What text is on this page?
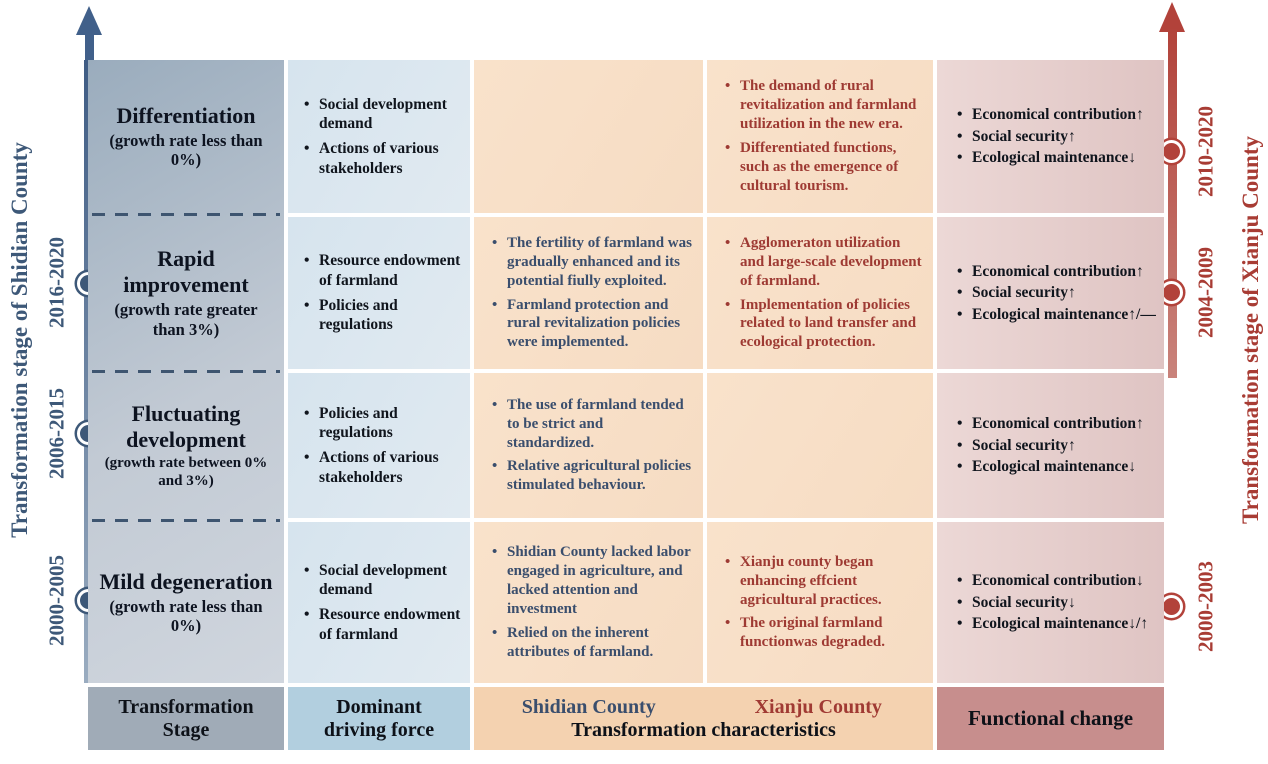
Transformation stage of Shidian County 2016-2020
2006-2015
2000-2005
Transformation stage of Xianju County
2010-2020
2004-2009
2000-2003
Differentiation
(growth rate less than 0%)
Rapid improvement
(growth rate greater than 3%)
Fluctuating development
(growth rate between 0% and 3%)
Mild degeneration
(growth rate less than 0%)
• Social development demand
• Actions of various stakeholders
• Resource endowment of farmland
• Policies and regulations
• Policies and regulations
• Actions of various stakeholders
• Social development demand
• Resource endowment of farmland
• The fertility of farmland was gradually enhanced and its potential fiully exploited.
• Farmland protection and rural revitalization policies were implemented.
• The use of farmland tended to be strict and standardized.
• Relative agricultural policies stimulated behaviour.
• Shidian County lacked labor engaged in agriculture, and lacked attention and investment
• Relied on the inherent attributes of farmland.
• The demand of rural revitalization and farmland utilization in the new era.
• Differentiated functions, such as the emergence of cultural tourism.
• Agglomeraton utilization and large-scale development of farmland.
• Implementation of policies related to land transfer and ecological protection.
• Xianju county began enhancing effcient agricultural practices.
• The original farmland functionwas degraded.
• Economical contribution↑
• Social security↑
• Ecological maintenance↓
• Economical contribution↑
• Social security↑
• Ecological maintenance↑/—
• Economical contribution↑
• Social security↑
• Ecological maintenance↓
• Economical contribution↓
• Social security↓
• Ecological maintenance↓/↑
Transformation
Stage
Dominant
driving force
Shidian County	Xianju County
Transformation characteristics	Functional change
